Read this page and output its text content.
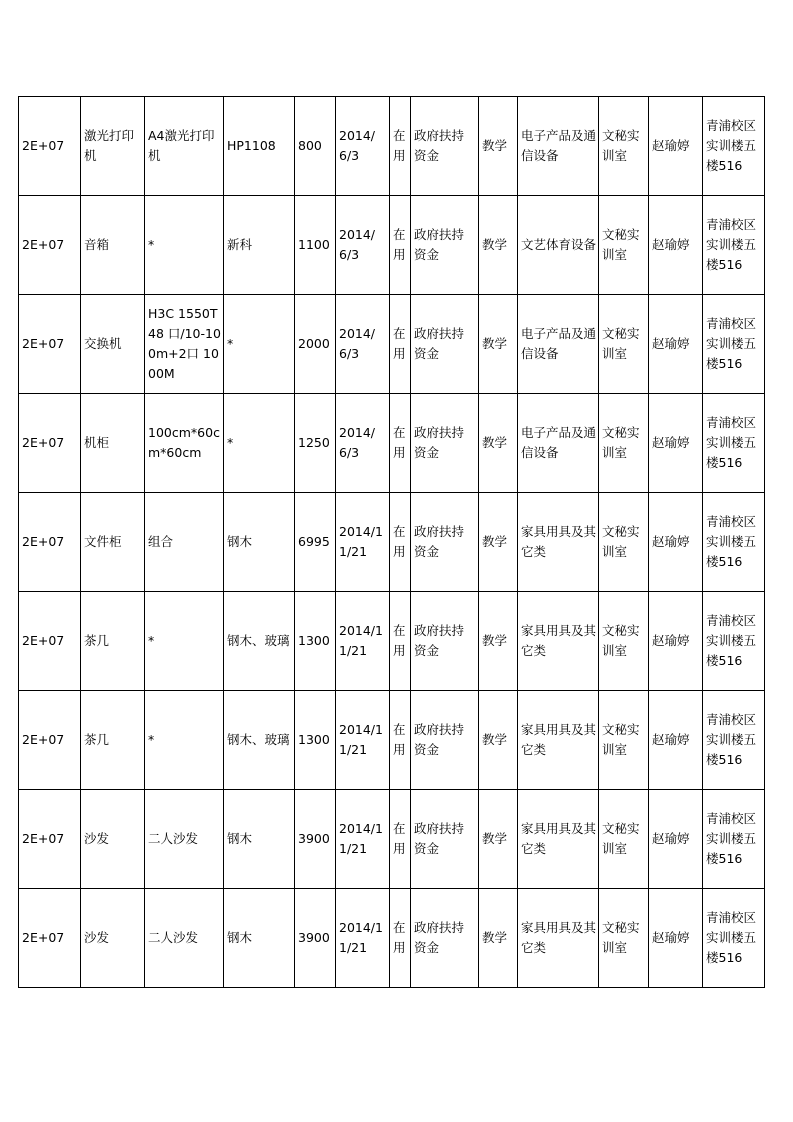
2E+07	激光打印机	A4激光打印机	HP1108	800	2014/6/3	在用	政府扶持资金	教学	电子产品及通信设备	文秘实训室	赵瑜婷	青浦校区实训楼五楼516
2E+07	音箱	*	新科	1100	2014/6/3	在用	政府扶持资金	教学	文艺体育设备	文秘实训室	赵瑜婷	青浦校区实训楼五楼516
2E+07	交换机	H3C 1550T48 口/10-100m+2口 1000M	*	2000	2014/6/3	在用	政府扶持资金	教学	电子产品及通信设备	文秘实训室	赵瑜婷	青浦校区实训楼五楼516
2E+07	机柜	100cm*60cm*60cm	*	1250	2014/6/3	在用	政府扶持资金	教学	电子产品及通信设备	文秘实训室	赵瑜婷	青浦校区实训楼五楼516
2E+07	文件柜	组合	钢木	6995	2014/11/21	在用	政府扶持资金	教学	家具用具及其它类	文秘实训室	赵瑜婷	青浦校区实训楼五楼516
2E+07	茶几	*	钢木、玻璃	1300	2014/11/21	在用	政府扶持资金	教学	家具用具及其它类	文秘实训室	赵瑜婷	青浦校区实训楼五楼516
2E+07	茶几	*	钢木、玻璃	1300	2014/11/21	在用	政府扶持资金	教学	家具用具及其它类	文秘实训室	赵瑜婷	青浦校区实训楼五楼516
2E+07	沙发	二人沙发	钢木	3900	2014/11/21	在用	政府扶持资金	教学	家具用具及其它类	文秘实训室	赵瑜婷	青浦校区实训楼五楼516
2E+07	沙发	二人沙发	钢木	3900	2014/11/21	在用	政府扶持资金	教学	家具用具及其它类	文秘实训室	赵瑜婷	青浦校区实训楼五楼516
